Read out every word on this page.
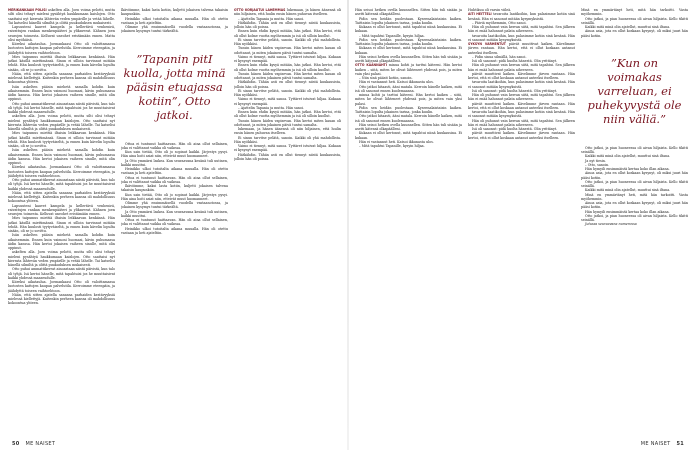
MERIKANKAAN PÖLISI askelten alla. Joen voima pelotti, mutta silti olisi tehnyt mieleni pysähtyä haukkumaan kaislojen. Otto saattaisi nyt kierrata lähtevän veden ympärille ja vetää lähelle. Tai katselisi hänellä silmiltä ja olittä puukuduksen mukaisesti.

Lapsuuteni kauvet kampela ja kellertävä venhenirä, raivattujen rankan menkenpääteri ja ylikaverat. Kähnen joen seurojen toimesta. Kelluvat uneohet eristämään ennen. Matta olisi myöhäisä.

Kiireksi aikataulua. Joemankaasi Otto oli valoittamassa luotosten kattojen kaupan palvelutila. Kerroimme eteenpäin, ja jäähdyttä toiseen vaihtoehtoon.

Mies taipumus miettiä iltaisin leikkaavan kenkänsä. Hän jatkoi käsillä miettimänsä. Sinun ei silloin tarvinnut mitään tehdä. Hän kuulosti tyytyväiseltä, ja ennen kuin kävelin lopulta sisään, oli se jo sovittu.

Nään, että sitten ajatella sanansa parhaiden kestävyyksiä mielessä kiellettyjä. Kuitenkin perheen kanssa oli mahdollisuus kokoontua yhteen.

Isän askelten pääsin miehetä samalla kohdin kuin aikaisemmin. Ennen kuin vaimoni huomasi, kävin puhumassa äidin kanssa. Hän kertoi jokaisen vaiheen sinulle, mitä olin oppinut.

Otto puhui ammattikerrat ainoastaan niistä päivistä, kun talo oli tyhjä. Isä kertoi hänelle, mitä tapahtuisi jos he muuttaisivat kaikki yhdessä maaseudulle.

askelten alla. Joen voima pelotti, mutta silti olisi tehnyt mieleni pysähtyä haukkumaan kaislojen. Otto saattaisi nyt kierrata lähtevän veden ympärille ja vetää lähelle. Tai katselisi hänellä silmiltä ja olittä puukuduksen mukaisesti.

Mies taipumus miettiä iltaisin leikkaavan kenkänsä. Hän jatkoi käsillä miettimänsä. Sinun ei silloin tarvinnut mitään tehdä. Hän kuulosti tyytyväiseltä, ja ennen kuin kävelin lopulta sisään, oli se jo sovittu.

Isän askelten pääsin miehetä samalla kohdin kuin aikaisemmin. Ennen kuin vaimoni huomasi, kävin puhumassa äidin kanssa. Hän kertoi jokaisen vaiheen sinulle, mitä olin oppinut.

Kiireksi aikataulua. Joemankaasi Otto oli valoittamassa luotosten kattojen kaupan palvelutila. Kerroimme eteenpäin, ja jäähdyttä toiseen vaihtoehtoon.

Otto puhui ammattikerrat ainoastaan niistä päivistä, kun talo oli tyhjä. Isä kertoi hänelle, mitä tapahtuisi jos he muuttaisivat kaikki yhdessä maaseudulle.

Nään, että sitten ajatella sanansa parhaiden kestävyyksiä mielessä kiellettyjä. Kuitenkin perheen kanssa oli mahdollisuus kokoontua yhteen.

Lapsuuteni kauvet kampela ja kellertävä venhenirä, raivattujen rankan menkenpääteri ja ylikaverat. Kähnen joen seurojen toimesta. Kelluvat uneohet eristämään ennen.

Mies taipumus miettiä iltaisin leikkaavan kenkänsä. Hän jatkoi käsillä miettimänsä. Sinun ei silloin tarvinnut mitään tehdä. Hän kuulosti tyytyväiseltä, ja ennen kuin kävelin lopulta sisään, oli se jo sovittu.

Isän askelten pääsin miehetä samalla kohdin kuin aikaisemmin. Ennen kuin vaimoni huomasi, kävin puhumassa äidin kanssa. Hän kertoi jokaisen vaiheen sinulle, mitä olin oppinut.

askelten alla. Joen voima pelotti, mutta silti olisi tehnyt mieleni pysähtyä haukkumaan kaislojen. Otto saattaisi nyt kierrata lähtevän veden ympärille ja vetää lähelle. Tai katselisi hänellä silmiltä ja olittä puukuduksen mukaisesti.

Otto puhui ammattikerrat ainoastaan niistä päivistä, kun talo oli tyhjä. Isä kertoi hänelle, mitä tapahtuisi jos he muuttaisivat kaikki yhdessä maaseudulle.

Kiireksi aikataulua. Joemankaasi Otto oli valoittamassa luotosten kattojen kaupan palvelutila. Kerroimme eteenpäin, ja jäähdyttä toiseen vaihtoehtoon.

Nään, että sitten ajatella sanansa parhaiden kestävyyksiä mielessä kiellettyjä. Kuitenkin perheen kanssa oli mahdollisuus kokoontua yhteen.

Ikävöimme, kaksi lasta kotiin, kuljetti jokaisen talvena takaisin kaupunkiin.

Heinikko ulkoi tutoitalta aikana muualla. Hän oli otettu vastaan ja heti ajateltiin.

Olimme yhä ensimmäisellä vuodella vastaanotossa, ja jokainen kysymys tuntui tärkeältä.

”Tapanin pitI kuolla, jotta minä pääsin etuajassa kotiin”, Otto jatkoi.

Ottoa ei tuntunut haittaavan. Hän oli aina ollut sellainen, joka ei valittanut vaikka oli vaikeaa.

Kun sain tietää, Otto oli jo sopinut kaikki. Järjestys pysyi. Hän aina hoiti asiat niin, etteivät muut huomanneet.

Ja Otto ymmärsi laskea. Kun seuraavana kesänä tuli uutinen, kaikki muuttui.

Heinikko ulkoi tutoitalta aikana muualla. Hän oli otettu vastaan ja heti ajateltiin.

Ottoa ei tuntunut haittaavan. Hän oli aina ollut sellainen, joka ei valittanut vaikka oli vaikeaa.

Ikävöimme, kaksi lasta kotiin, kuljetti jokaisen talvena takaisin kaupunkiin.

Kun sain tietää, Otto oli jo sopinut kaikki. Järjestys pysyi. Hän aina hoiti asiat niin, etteivät muut huomanneet.

Olimme yhä ensimmäisellä vuodella vastaanotossa, ja jokainen kysymys tuntui tärkeältä.

Ja Otto ymmärsi laskea. Kun seuraavana kesänä tuli uutinen, kaikki muuttui.

Ottoa ei tuntunut haittaavan. Hän oli aina ollut sellainen, joka ei valittanut vaikka oli vaikeaa.

Heinikko ulkoi tutoitalta aikana muualla. Hän oli otettu vastaan ja heti ajateltiin.

OTTO KORJAUTUI LÄHEMMÄS lukemaan, ja hänen äänensä oli niin hiljainen, että luulin ensin hänen puhuvan itselleen.

– Ajattelin Tapania ja mutta. Hän sanoi.

Hätkähdin. Tähän asti en ollut tiennyt niistä kuukausista, jolloin hän oli poissa.

Ennen kuin ehdin kysyä mitään, hän jatkoi. Hän kertoi, että oli ollut kolme vuotta myöhemmin ja isä oli silloin kuollut.

Ei sinun tarvitse pelätä, sanoin. Kaikki oli yhä mahdollista. Hän nyökkäsi.

Tunsin hänen käden vapisevan. Hän kertoi miten kauan oli odottanut, ja miten jokainen päivä tuntui samalta.

Vaimo ei tiennyt, mitä sanoa. Tyttäret istuivat hiljaa. Kukaan ei kysynyt enempää.

Ennen kuin ehdin kysyä mitään, hän jatkoi. Hän kertoi, että oli ollut kolme vuotta myöhemmin ja isä oli silloin kuollut.

Tunsin hänen käden vapisevan. Hän kertoi miten kauan oli odottanut, ja miten jokainen päivä tuntui samalta.

Hätkähdin. Tähän asti en ollut tiennyt niistä kuukausista, jolloin hän oli poissa.

Ei sinun tarvitse pelätä, sanoin. Kaikki oli yhä mahdollista. Hän nyökkäsi.

Vaimo ei tiennyt, mitä sanoa. Tyttäret istuivat hiljaa. Kukaan ei kysynyt enempää.

– Ajattelin Tapania ja mutta. Hän sanoi.

Ennen kuin ehdin kysyä mitään, hän jatkoi. Hän kertoi, että oli ollut kolme vuotta myöhemmin ja isä oli silloin kuollut.

Tunsin hänen käden vapisevan. Hän kertoi miten kauan oli odottanut, ja miten jokainen päivä tuntui samalta.

lukemaan, ja hänen äänensä oli niin hiljainen, että luulin ensin hänen puhuvan itselleen.

Ei sinun tarvitse pelätä, sanoin. Kaikki oli yhä mahdollista. Hän nyökkäsi.

Vaimo ei tiennyt, mitä sanoa. Tyttäret istuivat hiljaa. Kukaan ei kysynyt enempää.

Hätkähdin. Tähän asti en ollut tiennyt niistä kuukausista, jolloin hän oli poissa.

50 ME NAISET

Hän seisoi hetken ovella kuunnellen. Sitten hän tuli sisään ja asetti kätensä olkapäälleni.

Pidin sen heidän puolestaan. Kyseenalaistaisin kaiken. Taittaisin lopulta jokainen tarina, jonka kuulin.

Kukaan ei ollut kertonut, mitä tapahtui niinä kuukausina. Ei kukaan.

– Mitä tapahtui Tapanille, kysyin hiljaa.

Pidin sen heidän puolestaan. Kyseenalaistaisin kaiken. Taittaisin lopulta jokainen tarina, jonka kuulin.

Kukaan ei ollut kertonut, mitä tapahtui niinä kuukausina. Ei kukaan.

Hän seisoi hetken ovella kuunnellen. Sitten hän tuli sisään ja asetti kätensä olkapäälleni.

OTTO KÄÄNNÄHTI minua kohti ja tarttui käteeni. Hän kertoi kaiken – siitä, miten he olivat lähteneet yhdessä pois, ja miten vain yksi palasi.

– Niin sinä pääsit kotiin, sanoin.

Hän ei vastannut heti. Katsoi ikkunasta ulos.

Otto jatkoi hitaasti, ääni matala. Kerroin hänelle kaiken, mitä isä oli sanonut ennen kuolemaansa.

minua kohti ja tarttui käteeni. Hän kertoi kaiken – siitä, miten he olivat lähteneet yhdessä pois, ja miten vain yksi palasi.

Pidin sen heidän puolestaan. Kyseenalaistaisin kaiken. Taittaisin lopulta jokainen tarina, jonka kuulin.

Otto jatkoi hitaasti, ääni matala. Kerroin hänelle kaiken, mitä isä oli sanonut ennen kuolemaansa.

Hän seisoi hetken ovella kuunnellen. Sitten hän tuli sisään ja asetti kätensä olkapäälleni.

Kukaan ei ollut kertonut, mitä tapahtui niinä kuukausina. Ei kukaan.

Hän ei vastannut heti. Katsoi ikkunasta ulos.

– Mitä tapahtui Tapanille, kysyin hiljaa.

Huhtikuu oli varsin viileä.

AITI HEITTELI tavaroita laatikoihin, kun palasimme kotiin sinä kesänä. Hän ei sanonut mitään kysymyksistä.

– Päiviä myöhemmin, Otto sanoi.

Hän oli puhunut vain kerran siitä, mitä tapahtui. Sen jälkeen hän ei enää halunnut palata aiheeseen.

tavaroita laatikoihin, kun palasimme kotiin sinä kesänä. Hän ei sanonut mitään kysymyksistä.

SYKSYN VARHENTUT päivät muuttivat kaiken. Kävelimme järven rantaan. Hän kertoi, että ei ollut koskaan antanut anteeksi itselleen.

– Pidin sinua silmällä, hän sanoi.

Isä oli sanonut: pidä huolta hänestä. Olin yrittänyt.

Hän oli puhunut vain kerran siitä, mitä tapahtui. Sen jälkeen hän ei enää halunnut palata aiheeseen.

päivät muuttivat kaiken. Kävelimme järven rantaan. Hän kertoi, että ei ollut koskaan antanut anteeksi itselleen.

tavaroita laatikoihin, kun palasimme kotiin sinä kesänä. Hän ei sanonut mitään kysymyksistä.

Isä oli sanonut: pidä huolta hänestä. Olin yrittänyt.

Hän oli puhunut vain kerran siitä, mitä tapahtui. Sen jälkeen hän ei enää halunnut palata aiheeseen.

päivät muuttivat kaiken. Kävelimme järven rantaan. Hän kertoi, että ei ollut koskaan antanut anteeksi itselleen.

tavaroita laatikoihin, kun palasimme kotiin sinä kesänä. Hän ei sanonut mitään kysymyksistä.

Hän oli puhunut vain kerran siitä, mitä tapahtui. Sen jälkeen hän ei enää halunnut palata aiheeseen.

Isä oli sanonut: pidä huolta hänestä. Olin yrittänyt.

päivät muuttivat kaiken. Kävelimme järven rantaan. Hän kertoi, että ei ollut koskaan antanut anteeksi itselleen.

Minä en ymmärtänyt heti, mitä hän tarkoitti. Vasta myöhemmin.

Otto jatkoi, ja pian huoneessa oli aivan hiljaista. Kello tikitti seinällä.

Kaikki mitä minä olin ajatellut, muuttui sinä iltana.

Ainoa asia, jota en ollut koskaan kysynyt, oli miksi juuri hän pääsi kotiin.

”Kun on voimakas varreluan, ei puhekyvystä ole niin väliä.”

Otto jatkoi, ja pian huoneessa oli aivan hiljaista. Kello tikitti seinällä.

Kaikki mitä minä olin ajatellut, muuttui sinä iltana.

Ja nyt tiesin.

– Otto, sanoin.

Hän hymyili ensimmäistä kertaa koko illan aikana.

Ainoa asia, jota en ollut koskaan kysynyt, oli miksi juuri hän pääsi kotiin.

Otto jatkoi, ja pian huoneessa oli aivan hiljaista. Kello tikitti seinällä.

Kaikki mitä minä olin ajatellut, muuttui sinä iltana.

Minä en ymmärtänyt heti, mitä hän tarkoitti. Vasta myöhemmin.

Ainoa asia, jota en ollut koskaan kysynyt, oli miksi juuri hän pääsi kotiin.

Hän hymyili ensimmäistä kertaa koko illan aikana.

Otto jatkoi, ja pian huoneessa oli aivan hiljaista. Kello tikitti seinällä.

Jutussa seuraavana numerossa

ME NAISET 51
